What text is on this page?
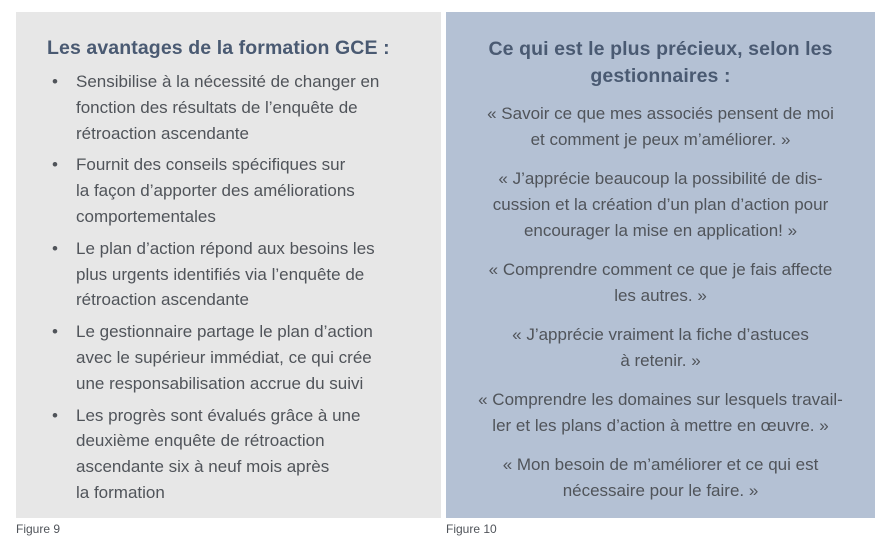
Les avantages de la formation GCE :
• Sensibilise à la nécessité de changer en
fonction des résultats de l’enquête de
rétroaction ascendante
• Fournit des conseils spécifiques sur
la façon d’apporter des améliorations
comportementales
• Le plan d’action répond aux besoins les
plus urgents identifiés via l’enquête de
rétroaction ascendante
• Le gestionnaire partage le plan d’action
avec le supérieur immédiat, ce qui crée
une responsabilisation accrue du suivi
• Les progrès sont évalués grâce à une
deuxième enquête de rétroaction
ascendante six à neuf mois après
la formation
Ce qui est le plus précieux, selon les
gestionnaires :
« Savoir ce que mes associés pensent de moi
et comment je peux m’améliorer. »
« J’apprécie beaucoup la possibilité de dis-
cussion et la création d’un plan d’action pour
encourager la mise en application! »
« Comprendre comment ce que je fais affecte
les autres. »
« J’apprécie vraiment la fiche d’astuces
à retenir. »
« Comprendre les domaines sur lesquels travail-
ler et les plans d’action à mettre en œuvre. »
« Mon besoin de m’améliorer et ce qui est
nécessaire pour le faire. »
Figure 9	Figure 10
